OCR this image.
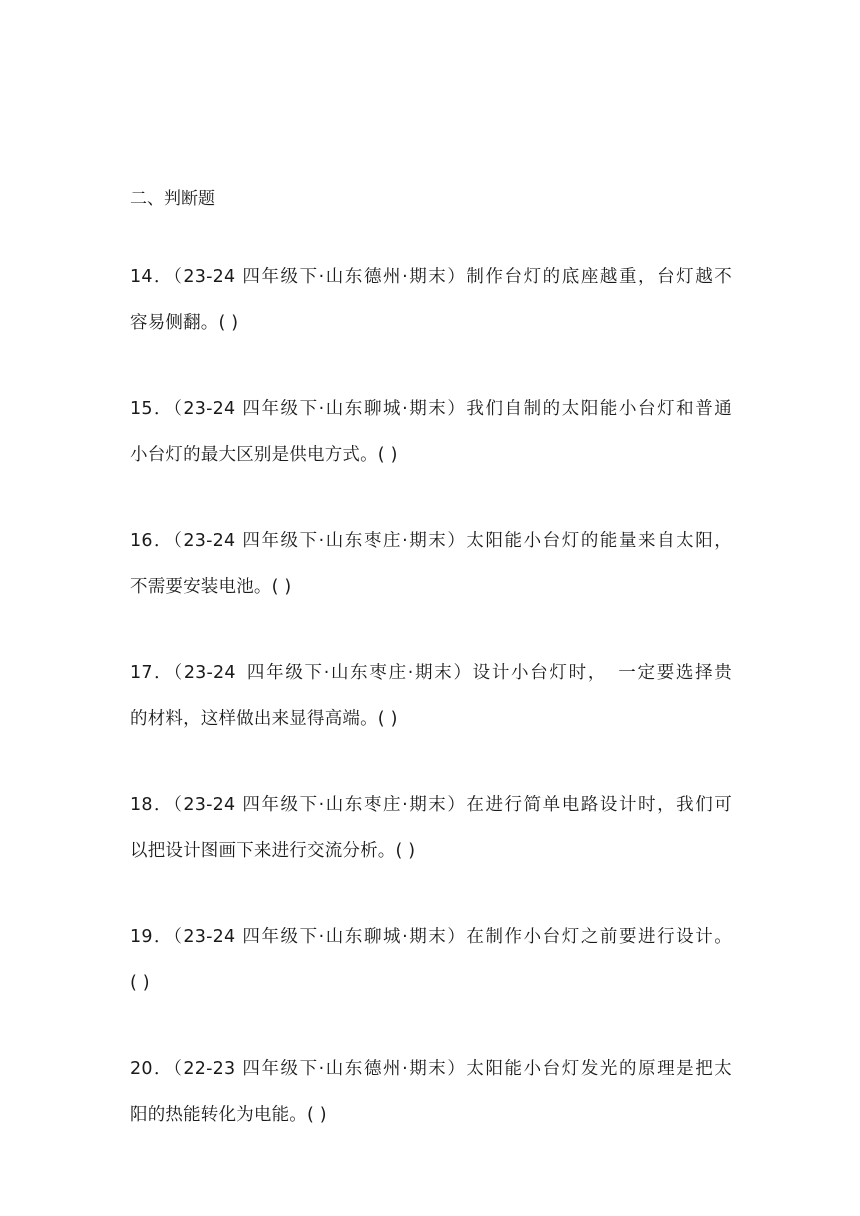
二、判断题
14．（23-24 四年级下·山东德州·期末）制作台灯的底座越重，台灯越不
容易侧翻。( )
15．（23-24 四年级下·山东聊城·期末）我们自制的太阳能小台灯和普通
小台灯的最大区别是供电方式。( )
16．（23-24 四年级下·山东枣庄·期末）太阳能小台灯的能量来自太阳，
不需要安装电池。( )
17．（23-24 四年级下·山东枣庄·期末）设计小台灯时， 一定要选择贵
的材料，这样做出来显得高端。( )
18．（23-24 四年级下·山东枣庄·期末）在进行简单电路设计时，我们可
以把设计图画下来进行交流分析。( )
19．（23-24 四年级下·山东聊城·期末）在制作小台灯之前要进行设计。
( )
20．（22-23 四年级下·山东德州·期末）太阳能小台灯发光的原理是把太
阳的热能转化为电能。( )
